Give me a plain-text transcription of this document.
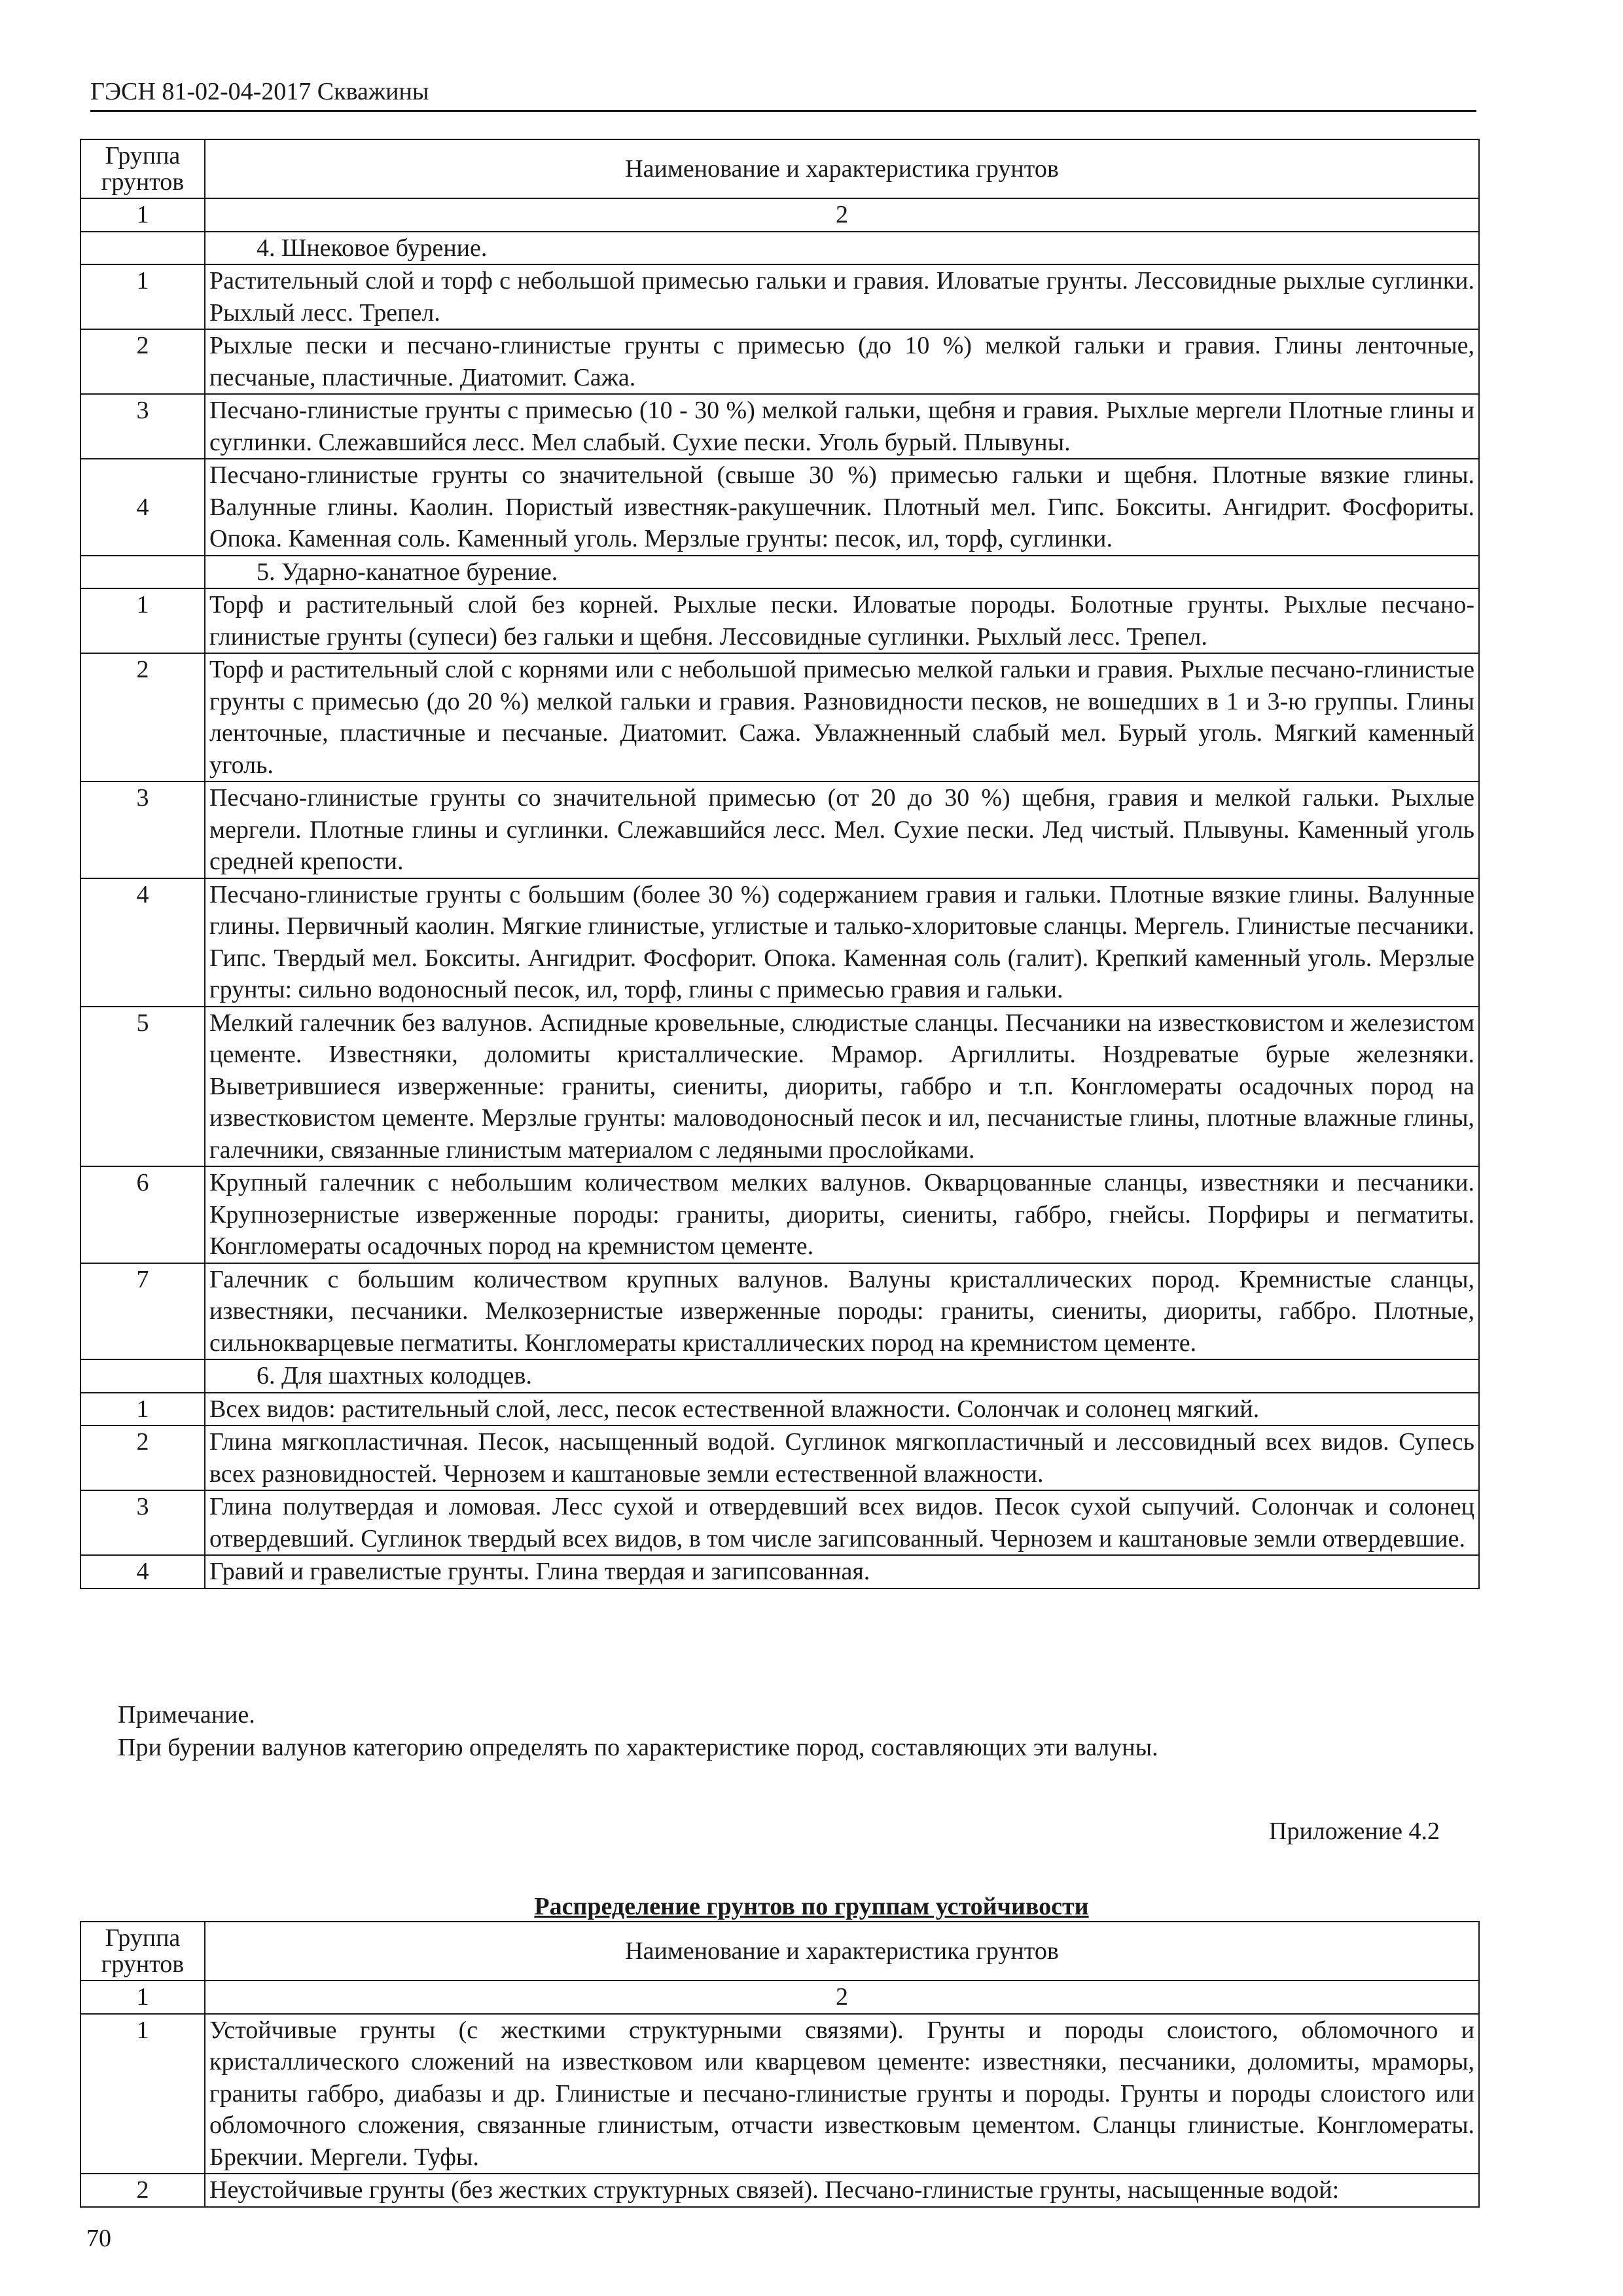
ГЭСН 81-02-04-2017 Скважины
Группа грунтов	Наименование и характеристика грунтов
1	2
	4. Шнековое бурение.
1	Растительный слой и торф с небольшой примесью гальки и гравия. Иловатые грунты. Лессовидные рыхлые суглинки. Рыхлый лесс. Трепел.
2	Рыхлые пески и песчано-глинистые грунты с примесью (до 10 %) мелкой гальки и гравия. Глины ленточные, песчаные, пластичные. Диатомит. Сажа.
3	Песчано-глинистые грунты с примесью (10 - 30 %) мелкой гальки, щебня и гравия. Рыхлые мергели Плотные глины и суглинки. Слежавшийся лесс. Мел слабый. Сухие пески. Уголь бурый. Плывуны.
4	Песчано-глинистые грунты со значительной (свыше 30 %) примесью гальки и щебня. Плотные вязкие глины. Валунные глины. Каолин. Пористый известняк-ракушечник. Плотный мел. Гипс. Бокситы. Ангидрит. Фосфориты. Опока. Каменная соль. Каменный уголь. Мерзлые грунты: песок, ил, торф, суглинки.
	5. Ударно-канатное бурение.
1	Торф и растительный слой без корней. Рыхлые пески. Иловатые породы. Болотные грунты. Рыхлые песчано-глинистые грунты (супеси) без гальки и щебня. Лессовидные суглинки. Рыхлый лесс. Трепел.
2	Торф и растительный слой с корнями или с небольшой примесью мелкой гальки и гравия. Рыхлые песчано-глинистые грунты с примесью (до 20 %) мелкой гальки и гравия. Разновидности песков, не вошедших в 1 и 3-ю группы. Глины ленточные, пластичные и песчаные. Диатомит. Сажа. Увлажненный слабый мел. Бурый уголь. Мягкий каменный уголь.
3	Песчано-глинистые грунты со значительной примесью (от 20 до 30 %) щебня, гравия и мелкой гальки. Рыхлые мергели. Плотные глины и суглинки. Слежавшийся лесс. Мел. Сухие пески. Лед чистый. Плывуны. Каменный уголь средней крепости.
4	Песчано-глинистые грунты с большим (более 30 %) содержанием гравия и гальки. Плотные вязкие глины. Валунные глины. Первичный каолин. Мягкие глинистые, углистые и талько-хлоритовые сланцы. Мергель. Глинистые песчаники. Гипс. Твердый мел. Бокситы. Ангидрит. Фосфорит. Опока. Каменная соль (галит). Крепкий каменный уголь. Мерзлые грунты: сильно водоносный песок, ил, торф, глины с примесью гравия и гальки.
5	Мелкий галечник без валунов. Аспидные кровельные, слюдистые сланцы. Песчаники на известковистом и железистом цементе. Известняки, доломиты кристаллические. Мрамор. Аргиллиты. Ноздреватые бурые железняки. Выветрившиеся изверженные: граниты, сиениты, диориты, габбро и т.п. Конгломераты осадочных пород на известковистом цементе. Мерзлые грунты: маловодоносный песок и ил, песчанистые глины, плотные влажные глины, галечники, связанные глинистым материалом с ледяными прослойками.
6	Крупный галечник с небольшим количеством мелких валунов. Окварцованные сланцы, известняки и песчаники. Крупнозернистые изверженные породы: граниты, диориты, сиениты, габбро, гнейсы. Порфиры и пегматиты. Конгломераты осадочных пород на кремнистом цементе.
7	Галечник с большим количеством крупных валунов. Валуны кристаллических пород. Кремнистые сланцы, известняки, песчаники. Мелкозернистые изверженные породы: граниты, сиениты, диориты, габбро. Плотные, сильнокварцевые пегматиты. Конгломераты кристаллических пород на кремнистом цементе.
	6. Для шахтных колодцев.
1	Всех видов: растительный слой, лесс, песок естественной влажности. Солончак и солонец мягкий.
2	Глина мягкопластичная. Песок, насыщенный водой. Суглинок мягкопластичный и лессовидный всех видов. Супесь всех разновидностей. Чернозем и каштановые земли естественной влажности.
3	Глина полутвердая и ломовая. Лесс сухой и отвердевший всех видов. Песок сухой сыпучий. Солончак и солонец отвердевший. Суглинок твердый всех видов, в том числе загипсованный. Чернозем и каштановые земли отвердевшие.
4	Гравий и гравелистые грунты. Глина твердая и загипсованная.
Примечание.
При бурении валунов категорию определять по характеристике пород, составляющих эти валуны.
Приложение 4.2
Распределение грунтов по группам устойчивости
Группа грунтов	Наименование и характеристика грунтов
1	2
1	Устойчивые грунты (с жесткими структурными связями). Грунты и породы слоистого, обломочного и кристаллического сложений на известковом или кварцевом цементе: известняки, песчаники, доломиты, мраморы, граниты габбро, диабазы и др. Глинистые и песчано-глинистые грунты и породы. Грунты и породы слоистого или обломочного сложения, связанные глинистым, отчасти известковым цементом. Сланцы глинистые. Конгломераты. Брекчии. Мергели. Туфы.
2	Неустойчивые грунты (без жестких структурных связей). Песчано-глинистые грунты, насыщенные водой:
70
